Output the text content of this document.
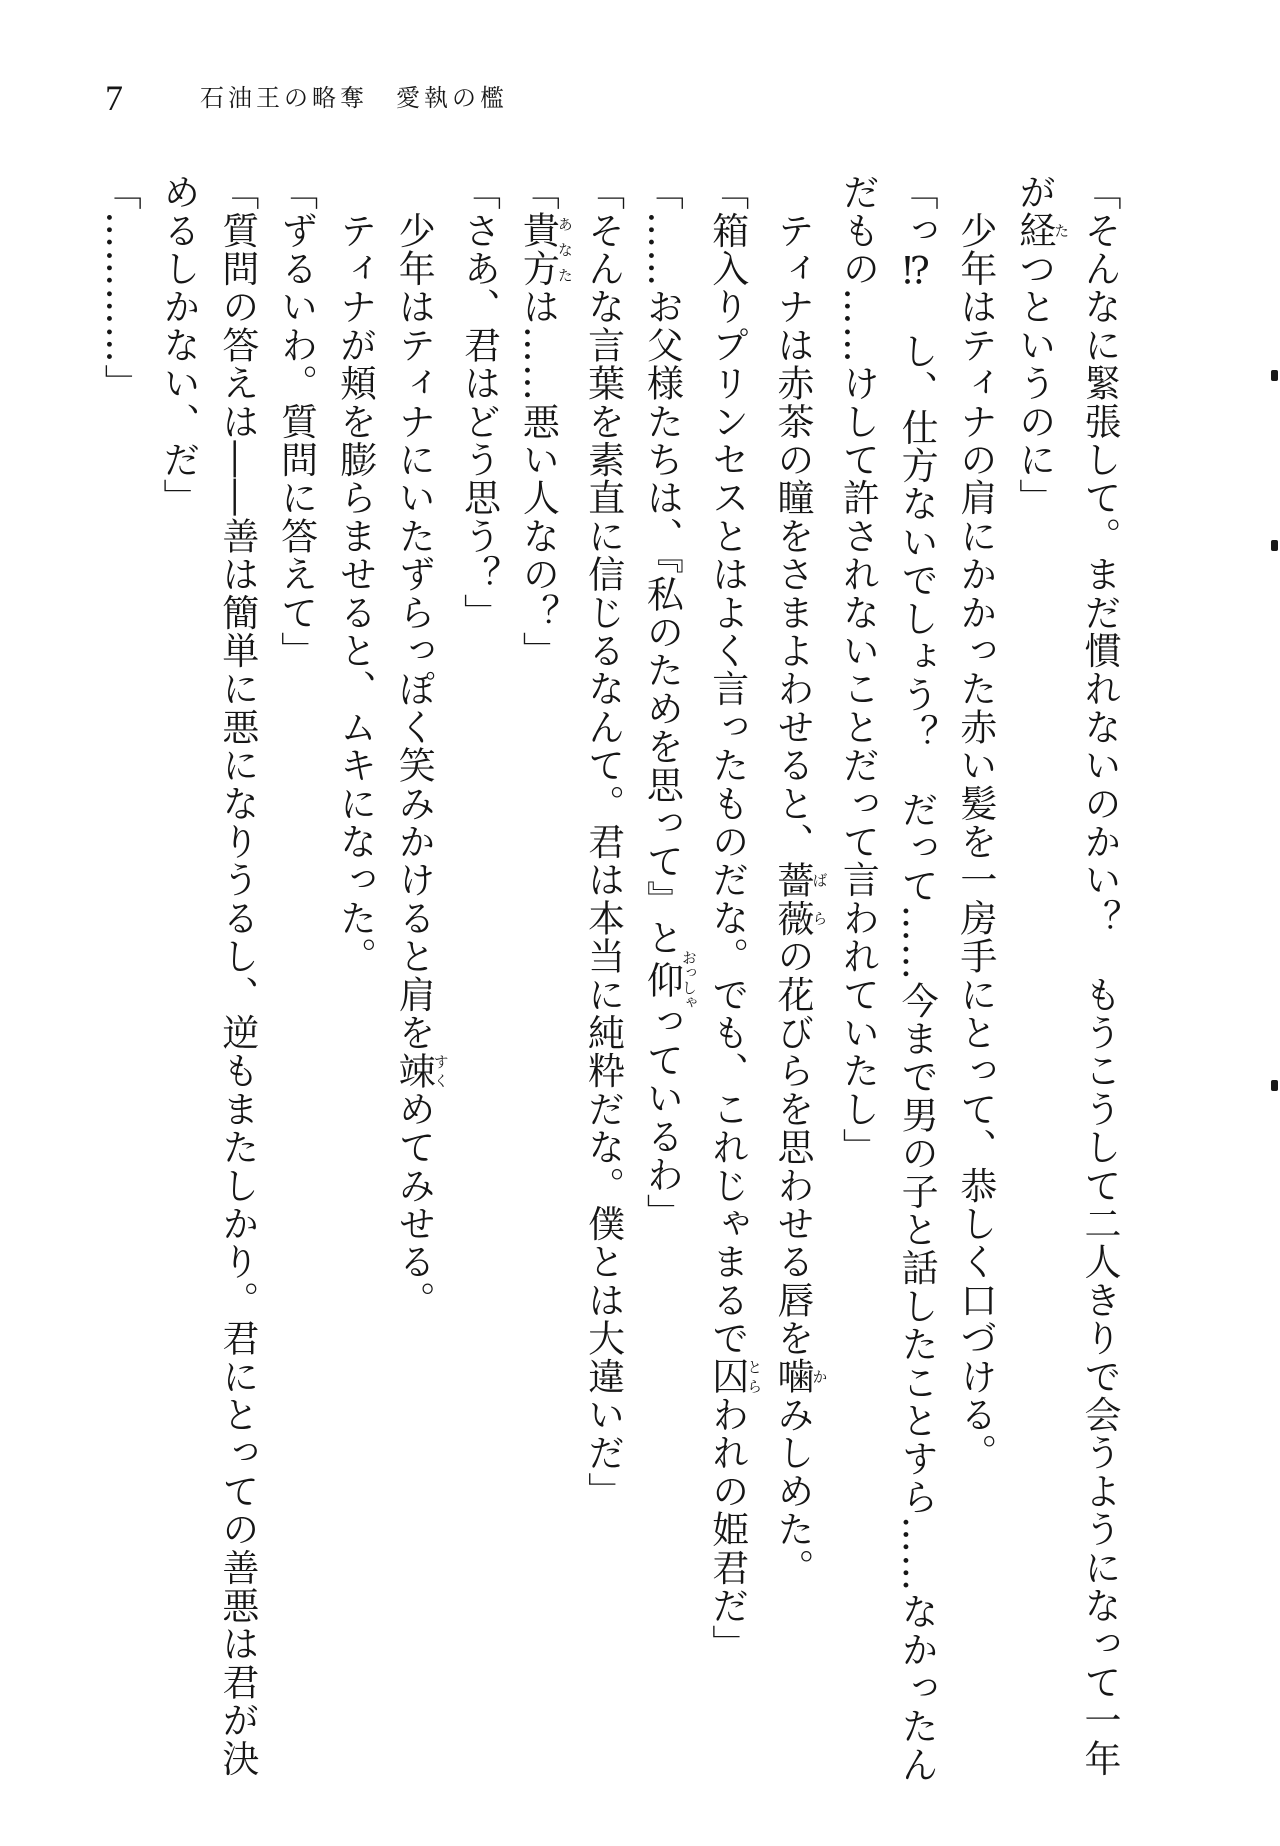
7	石油王の略奪　愛執の檻
「そんなに緊張して。まだ慣れないのかい？　もうこうして二人きりで会うようになって一年
が経たつというのに」
　少年はティナの肩にかかった赤い髪を一房手にとって、恭しく口づける。
「っ⁉　し、仕方ないでしょう？　だって……今まで男の子と話したことすら……なかったん
だもの……けして許されないことだって言われていたし」
　ティナは赤茶の瞳をさまよわせると、薔薇ばらの花びらを思わせる唇を噛かみしめた。
「箱入りプリンセスとはよく言ったものだな。でも、これじゃまるで囚とらわれの姫君だ」
「……お父様たちは、『私のためを思って』と仰おっしゃっているわ」
「そんな言葉を素直に信じるなんて。君は本当に純粋だな。僕とは大違いだ」
「貴方あなたは……悪い人なの？」
「さあ、君はどう思う？」
　少年はティナにいたずらっぽく笑みかけると肩を竦すくめてみせる。
　ティナが頬を膨らませると、ムキになった。
「ずるいわ。質問に答えて」
「質問の答えは――善は簡単に悪になりうるし、逆もまたしかり。君にとっての善悪は君が決
めるしかない、だ」
「…………」
